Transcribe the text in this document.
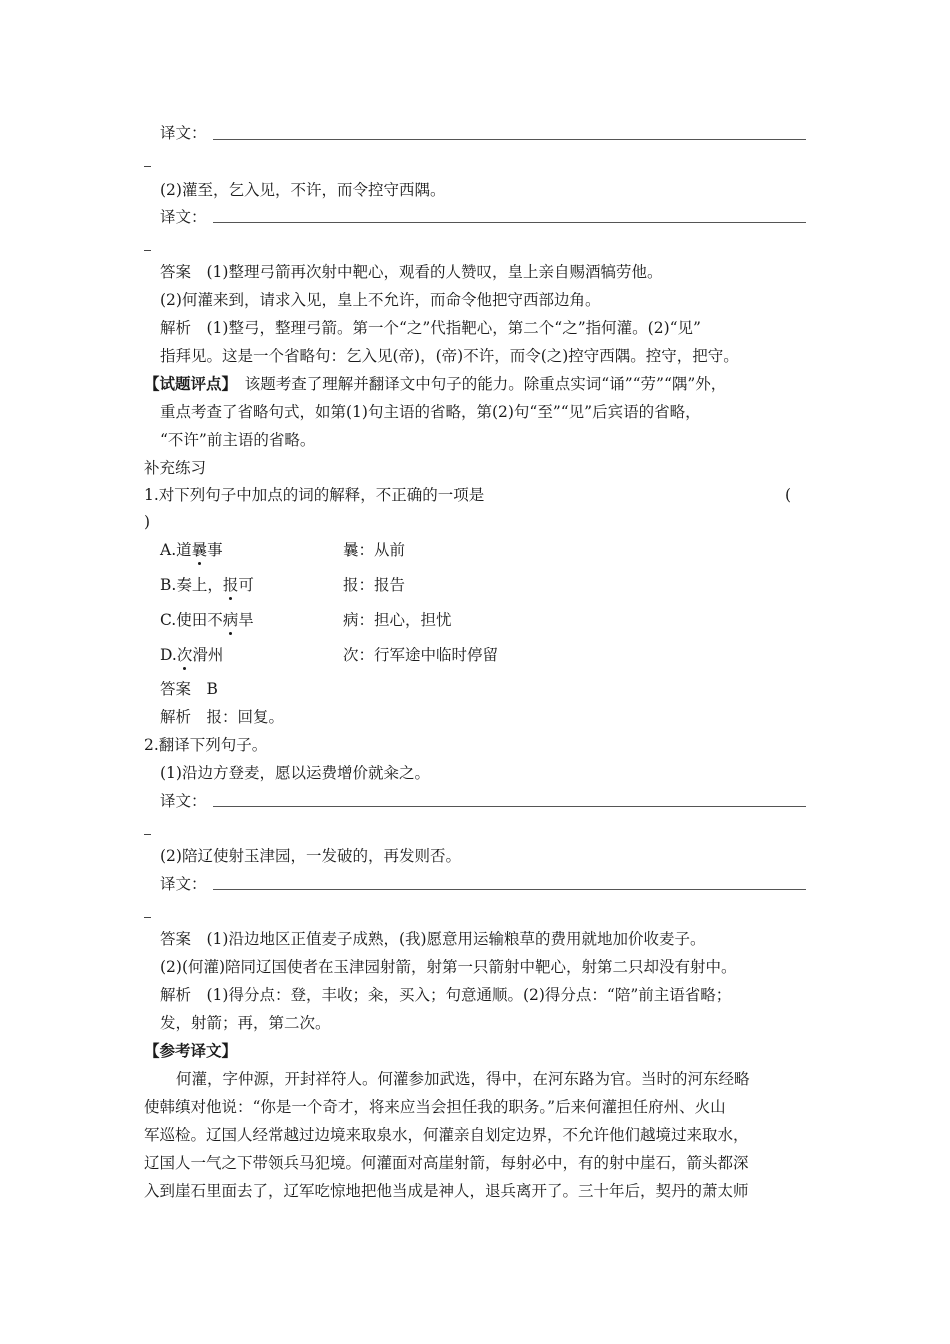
译文：
(2)灌至，乞入见，不许，而令控守西隅。
译文：
答案　(1)整理弓箭再次射中靶心，观看的人赞叹，皇上亲自赐酒犒劳他。
(2)何灌来到，请求入见，皇上不允许，而命令他把守西部边角。
解析　(1)整弓，整理弓箭。第一个“之”代指靶心，第二个“之”指何灌。(2)“见”
指拜见。这是一个省略句：乞入见(帝)，(帝)不许，而令(之)控守西隅。控守，把守。
【试题评点】　该题考查了理解并翻译文中句子的能力。除重点实词“诵”“劳”“隅”外，
重点考查了省略句式，如第(1)句主语的省略，第(2)句“至”“见”后宾语的省略，
“不许”前主语的省略。
补充练习
1.对下列句子中加点的词的解释，不正确的一项是	(
)
A.道曩事	曩：从前
B.奏上，报可	报：报告
C.使田不病旱	病：担心，担忧
D.次滑州	次：行军途中临时停留
答案　B
解析　报：回复。
2.翻译下列句子。
(1)沿边方登麦，愿以运费增价就籴之。
译文：
(2)陪辽使射玉津园，一发破的，再发则否。
译文：
答案　(1)沿边地区正值麦子成熟，(我)愿意用运输粮草的费用就地加价收麦子。
(2)(何灌)陪同辽国使者在玉津园射箭，射第一只箭射中靶心，射第二只却没有射中。
解析　(1)得分点：登，丰收；籴，买入；句意通顺。(2)得分点：“陪”前主语省略；
发，射箭；再，第二次。
【参考译文】
何灌，字仲源，开封祥符人。何灌参加武选，得中，在河东路为官。当时的河东经略
使韩缜对他说：“你是一个奇才，将来应当会担任我的职务。”后来何灌担任府州、火山
军巡检。辽国人经常越过边境来取泉水，何灌亲自划定边界，不允许他们越境过来取水，
辽国人一气之下带领兵马犯境。何灌面对高崖射箭，每射必中，有的射中崖石，箭头都深
入到崖石里面去了，辽军吃惊地把他当成是神人，退兵离开了。三十年后，契丹的萧太师
